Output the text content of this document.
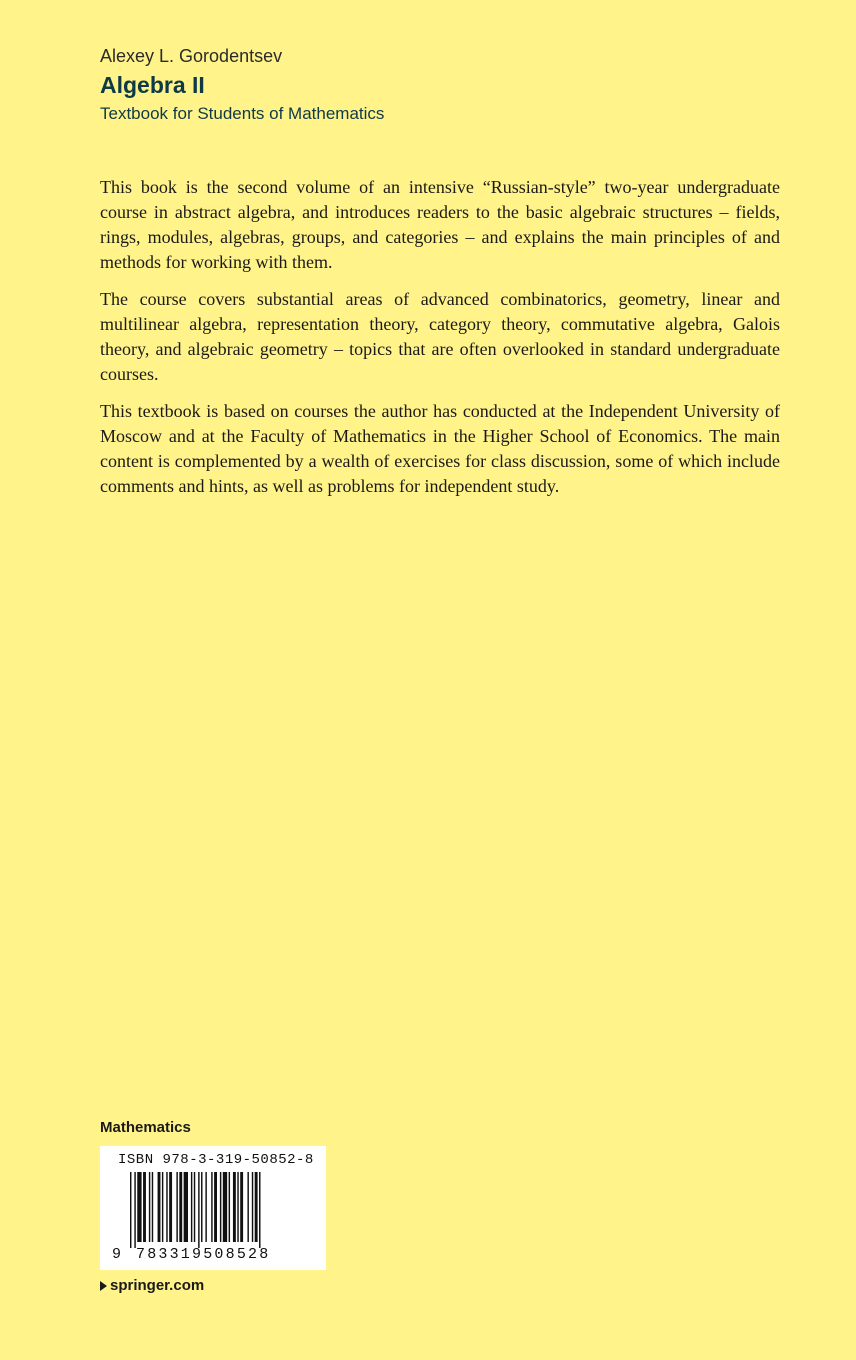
Alexey L. Gorodentsev
Algebra II
Textbook for Students of Mathematics

This book is the second volume of an intensive “Russian-style” two-year undergraduate course in abstract algebra, and introduces readers to the basic algebraic structures – fields, rings, modules, algebras, groups, and categories – and explains the main principles of and methods for working with them.

The course covers substantial areas of advanced combinatorics, geometry, linear and multilinear algebra, representation theory, category theory, commutative algebra, Galois theory, and algebraic geometry – topics that are often overlooked in standard undergraduate courses.

This textbook is based on courses the author has conducted at the Independent University of Moscow and at the Faculty of Mathematics in the Higher School of Economics. The main content is complemented by a wealth of exercises for class discussion, some of which include comments and hints, as well as problems for independent study.

Mathematics
ISBN 978-3-319-50852-8
9 783319508528
springer.com
